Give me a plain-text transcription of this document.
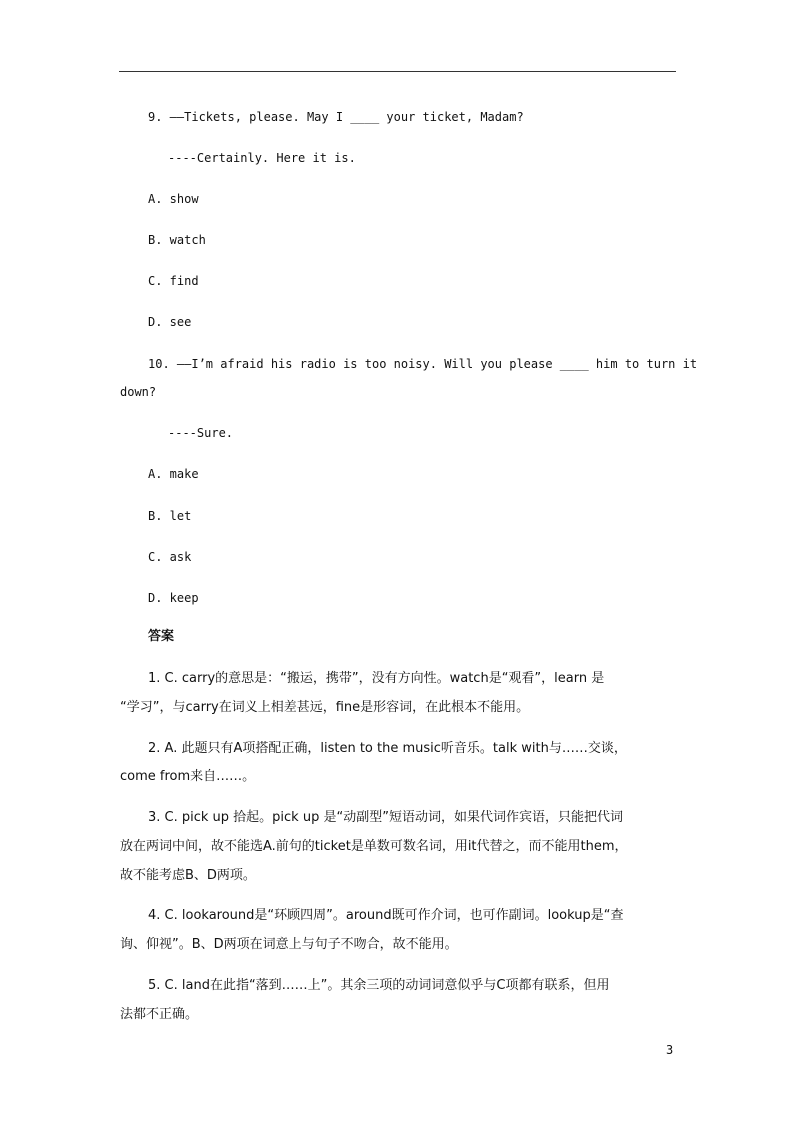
9. ——Tickets, please. May I ____ your ticket, Madam?
----Certainly. Here it is.
A. show
B. watch
C. find
D. see
10. ——I’m afraid his radio is too noisy. Will you please ____ him to turn it
down?
----Sure.
A. make
B. let
C. ask
D. keep
答案
1. C. carry的意思是：“搬运，携带”，没有方向性。watch是“观看”，learn 是
“学习”，与carry在词义上相差甚远，fine是形容词，在此根本不能用。
2. A. 此题只有A项搭配正确，listen to the music听音乐。talk with与……交谈，
come from来自……。
3. C. pick up 拾起。pick up 是“动副型”短语动词，如果代词作宾语，只能把代词
放在两词中间，故不能选A.前句的ticket是单数可数名词，用it代替之，而不能用them，
故不能考虑B、D两项。
4. C. lookaround是“环顾四周”。around既可作介词，也可作副词。lookup是“查
询、仰视”。B、D两项在词意上与句子不吻合，故不能用。
5. C. land在此指“落到……上”。其余三项的动词词意似乎与C项都有联系，但用
法都不正确。
3
